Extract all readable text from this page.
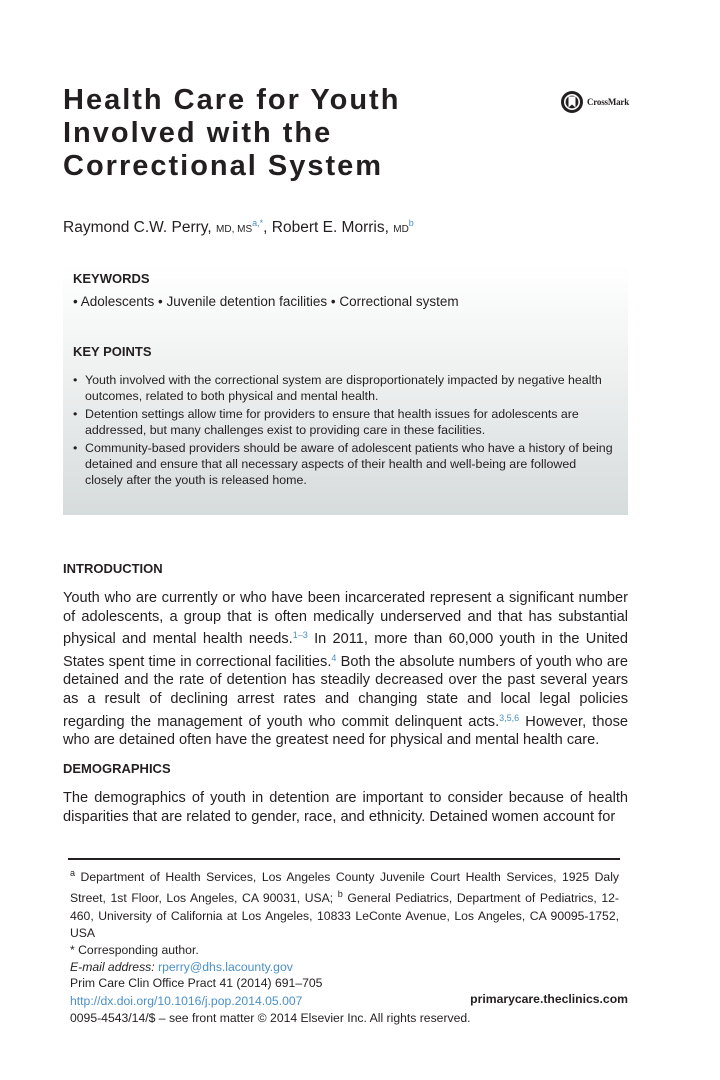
Health Care for Youth
Involved with the
Correctional System
CrossMark
Raymond C.W. Perry, MD, $MS^{a,*}$, Robert E. Morris, $MD^b$
KEYWORDS
• Adolescents • Juvenile detention facilities • Correctional system
KEY POINTS
• Youth involved with the correctional system are disproportionately impacted by negative health outcomes, related to both physical and mental health.
• Detention settings allow time for providers to ensure that health issues for adolescents are addressed, but many challenges exist to providing care in these facilities.
• Community-based providers should be aware of adolescent patients who have a history of being detained and ensure that all necessary aspects of their health and well-being are followed closely after the youth is released home.
INTRODUCTION

Youth who are currently or who have been incarcerated represent a significant number of adolescents, a group that is often medically underserved and that has substantial physical and mental health needs.$^{1-3}$ In 2011, more than 60,000 youth in the United States spent time in correctional facilities.$^4$ Both the absolute numbers of youth who are detained and the rate of detention has steadily decreased over the past several years as a result of declining arrest rates and changing state and local legal policies regarding the management of youth who commit delinquent acts.$^{3,5,6}$ However, those who are detained often have the greatest need for physical and mental health care.

DEMOGRAPHICS

The demographics of youth in detention are important to consider because of health disparities that are related to gender, race, and ethnicity. Detained women account for

$^a$ Department of Health Services, Los Angeles County Juvenile Court Health Services, 1925 Daly Street, 1st Floor, Los Angeles, CA 90031, USA; $^b$ General Pediatrics, Department of Pediatrics, 12-460, University of California at Los Angeles, 10833 LeConte Avenue, Los Angeles, CA 90095-1752, USA

* Corresponding author.

E-mail address: rperry@dhs.lacounty.gov

Prim Care Clin Office Pract 41 (2014) 691–705
http://dx.doi.org/10.1016/j.pop.2014.05.007
0095-4543/14/$ – see front matter © 2014 Elsevier Inc. All rights reserved.
primarycare.theclinics.com
